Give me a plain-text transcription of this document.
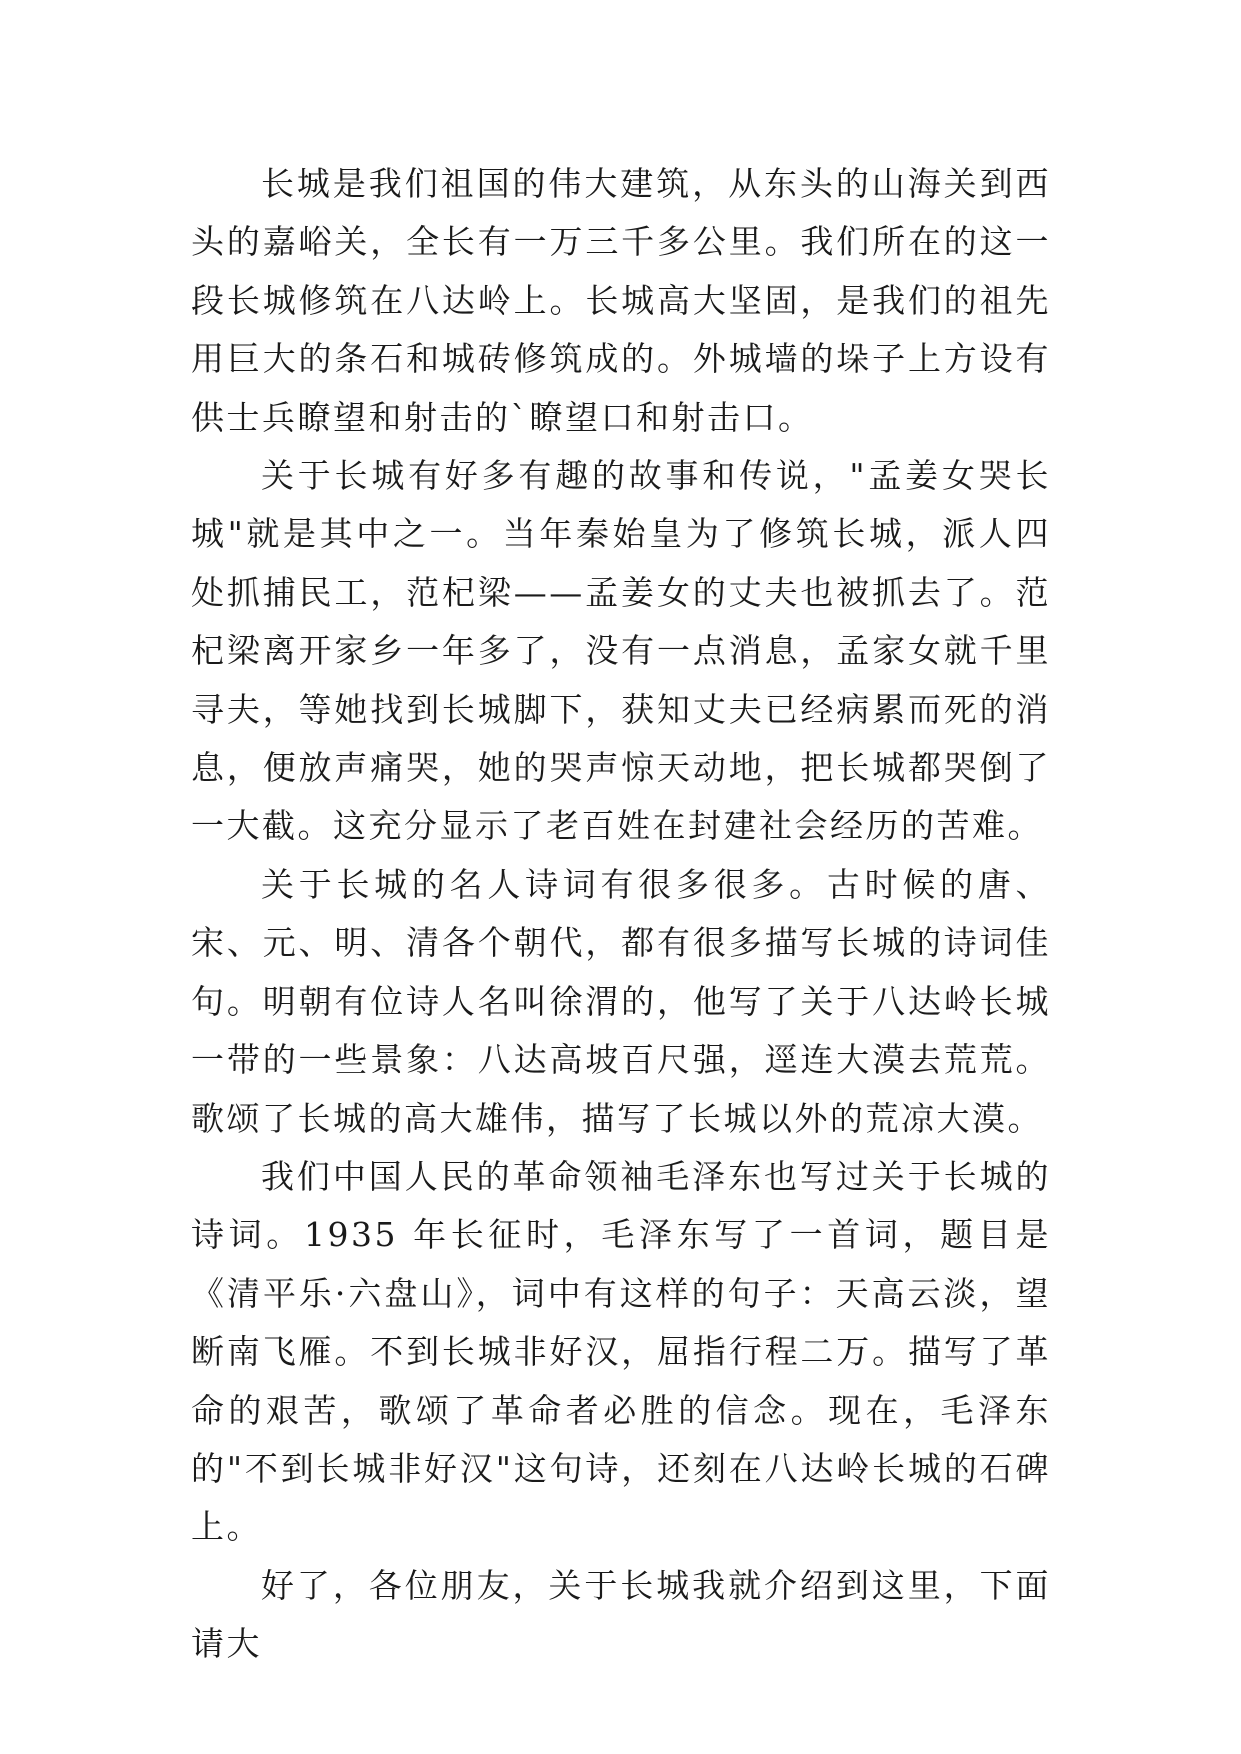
长城是我们祖国的伟大建筑，从东头的山海关到西头的嘉峪关，全长有一万三千多公里。我们所在的这一段长城修筑在八达岭上。长城高大坚固，是我们的祖先用巨大的条石和城砖修筑成的。外城墙的垛子上方设有供士兵瞭望和射击的`瞭望口和射击口。

关于长城有好多有趣的故事和传说，"孟姜女哭长城"就是其中之一。当年秦始皇为了修筑长城，派人四处抓捕民工，范杞梁——孟姜女的丈夫也被抓去了。范杞梁离开家乡一年多了，没有一点消息，孟家女就千里寻夫，等她找到长城脚下，获知丈夫已经病累而死的消息，便放声痛哭，她的哭声惊天动地，把长城都哭倒了一大截。这充分显示了老百姓在封建社会经历的苦难。

关于长城的名人诗词有很多很多。古时候的唐、宋、元、明、清各个朝代，都有很多描写长城的诗词佳句。明朝有位诗人名叫徐渭的，他写了关于八达岭长城一带的一些景象：八达高坡百尺强，逕连大漠去荒荒。歌颂了长城的高大雄伟，描写了长城以外的荒凉大漠。

我们中国人民的革命领袖毛泽东也写过关于长城的诗词。1935 年长征时，毛泽东写了一首词，题目是《清平乐·六盘山》，词中有这样的句子：天高云淡，望断南飞雁。不到长城非好汉，屈指行程二万。描写了革命的艰苦，歌颂了革命者必胜的信念。现在，毛泽东的"不到长城非好汉"这句诗，还刻在八达岭长城的石碑上。

好了，各位朋友，关于长城我就介绍到这里，下面请大
